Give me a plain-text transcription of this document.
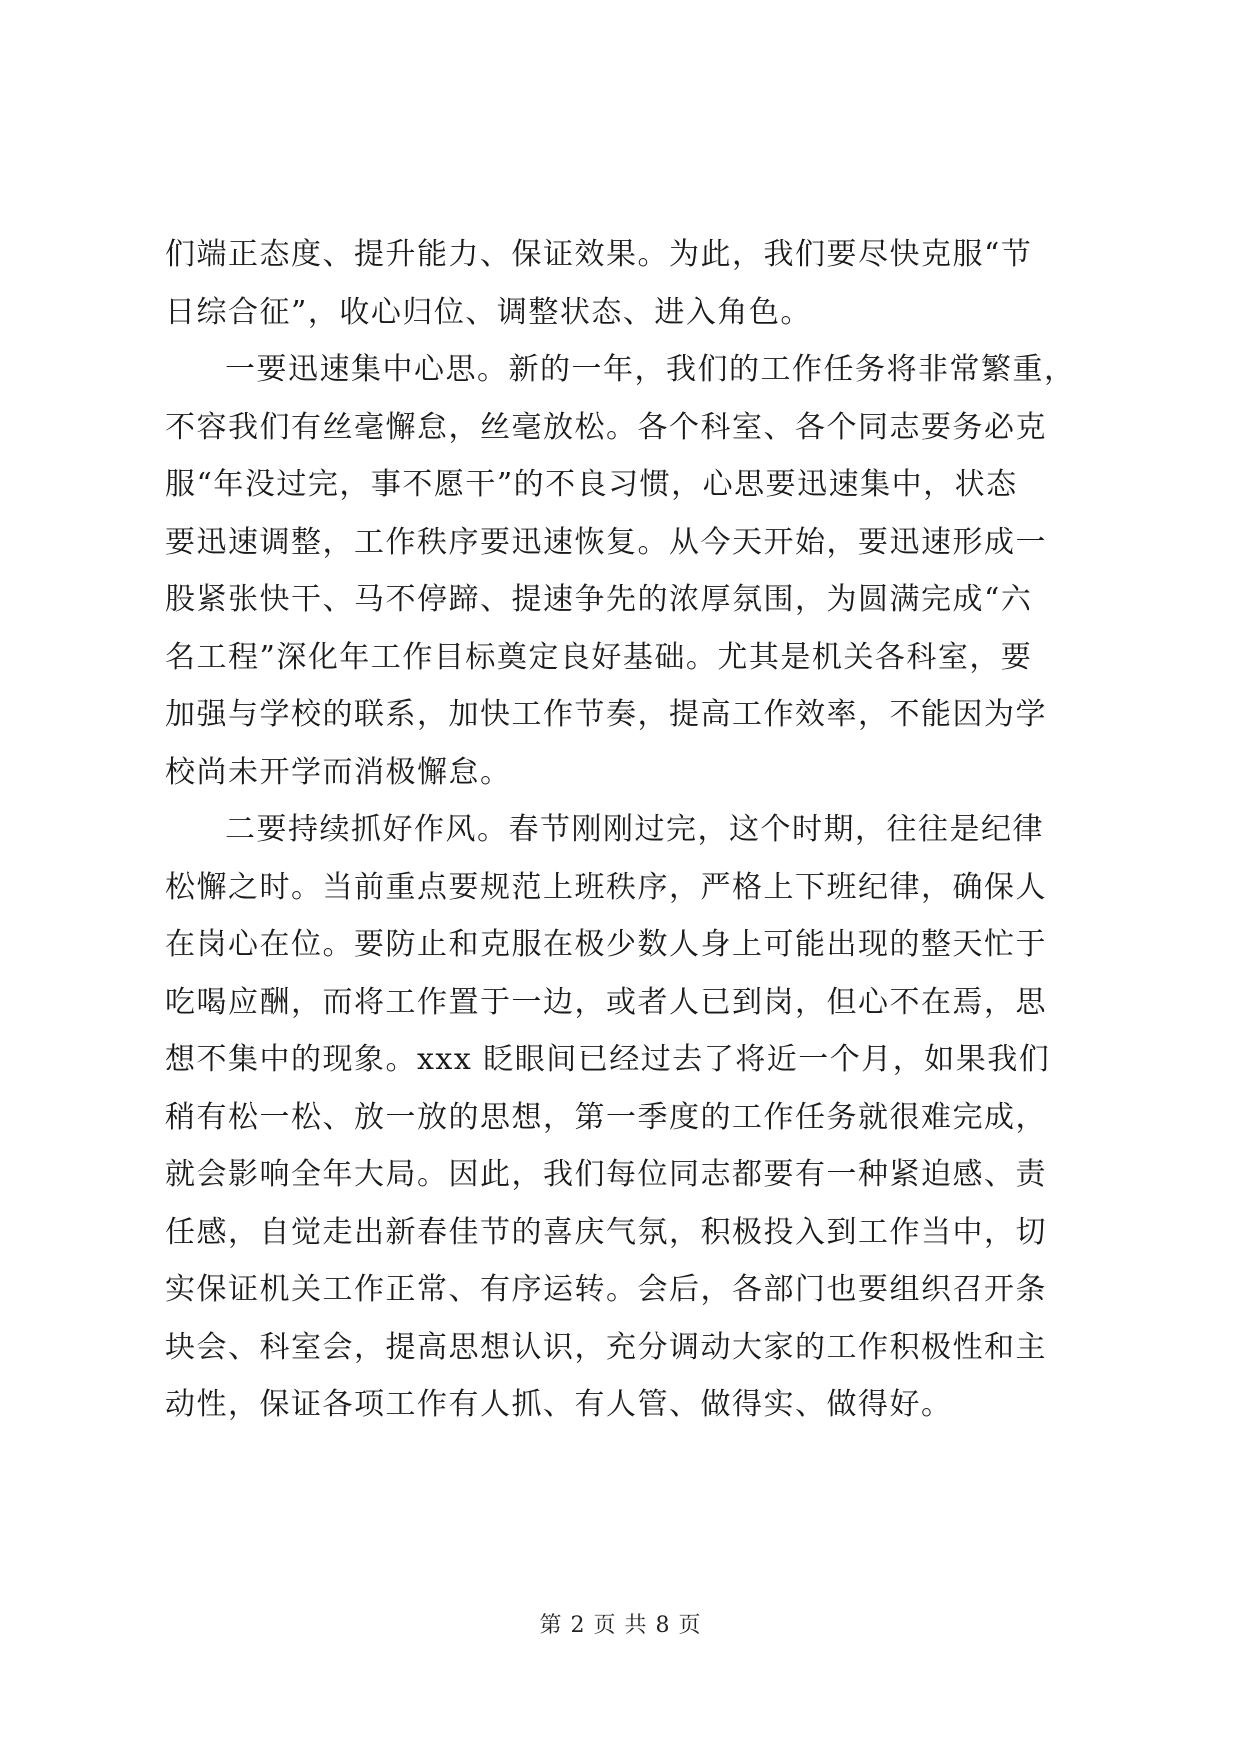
们端正态度、提升能力、保证效果。为此，我们要尽快克服“节
日综合征”，收心归位、调整状态、进入角色。
一要迅速集中心思。新的一年，我们的工作任务将非常繁重，
不容我们有丝毫懈怠，丝毫放松。各个科室、各个同志要务必克
服“年没过完，事不愿干”的不良习惯，心思要迅速集中，状态
要迅速调整，工作秩序要迅速恢复。从今天开始，要迅速形成一
股紧张快干、马不停蹄、提速争先的浓厚氛围，为圆满完成“六
名工程”深化年工作目标奠定良好基础。尤其是机关各科室，要
加强与学校的联系，加快工作节奏，提高工作效率，不能因为学
校尚未开学而消极懈怠。
二要持续抓好作风。春节刚刚过完，这个时期，往往是纪律
松懈之时。当前重点要规范上班秩序，严格上下班纪律，确保人
在岗心在位。要防止和克服在极少数人身上可能出现的整天忙于
吃喝应酬，而将工作置于一边，或者人已到岗，但心不在焉，思
想不集中的现象。xxx 眨眼间已经过去了将近一个月，如果我们
稍有松一松、放一放的思想，第一季度的工作任务就很难完成，
就会影响全年大局。因此，我们每位同志都要有一种紧迫感、责
任感，自觉走出新春佳节的喜庆气氛，积极投入到工作当中，切
实保证机关工作正常、有序运转。会后，各部门也要组织召开条
块会、科室会，提高思想认识，充分调动大家的工作积极性和主
动性，保证各项工作有人抓、有人管、做得实、做得好。
第 2 页 共 8 页
